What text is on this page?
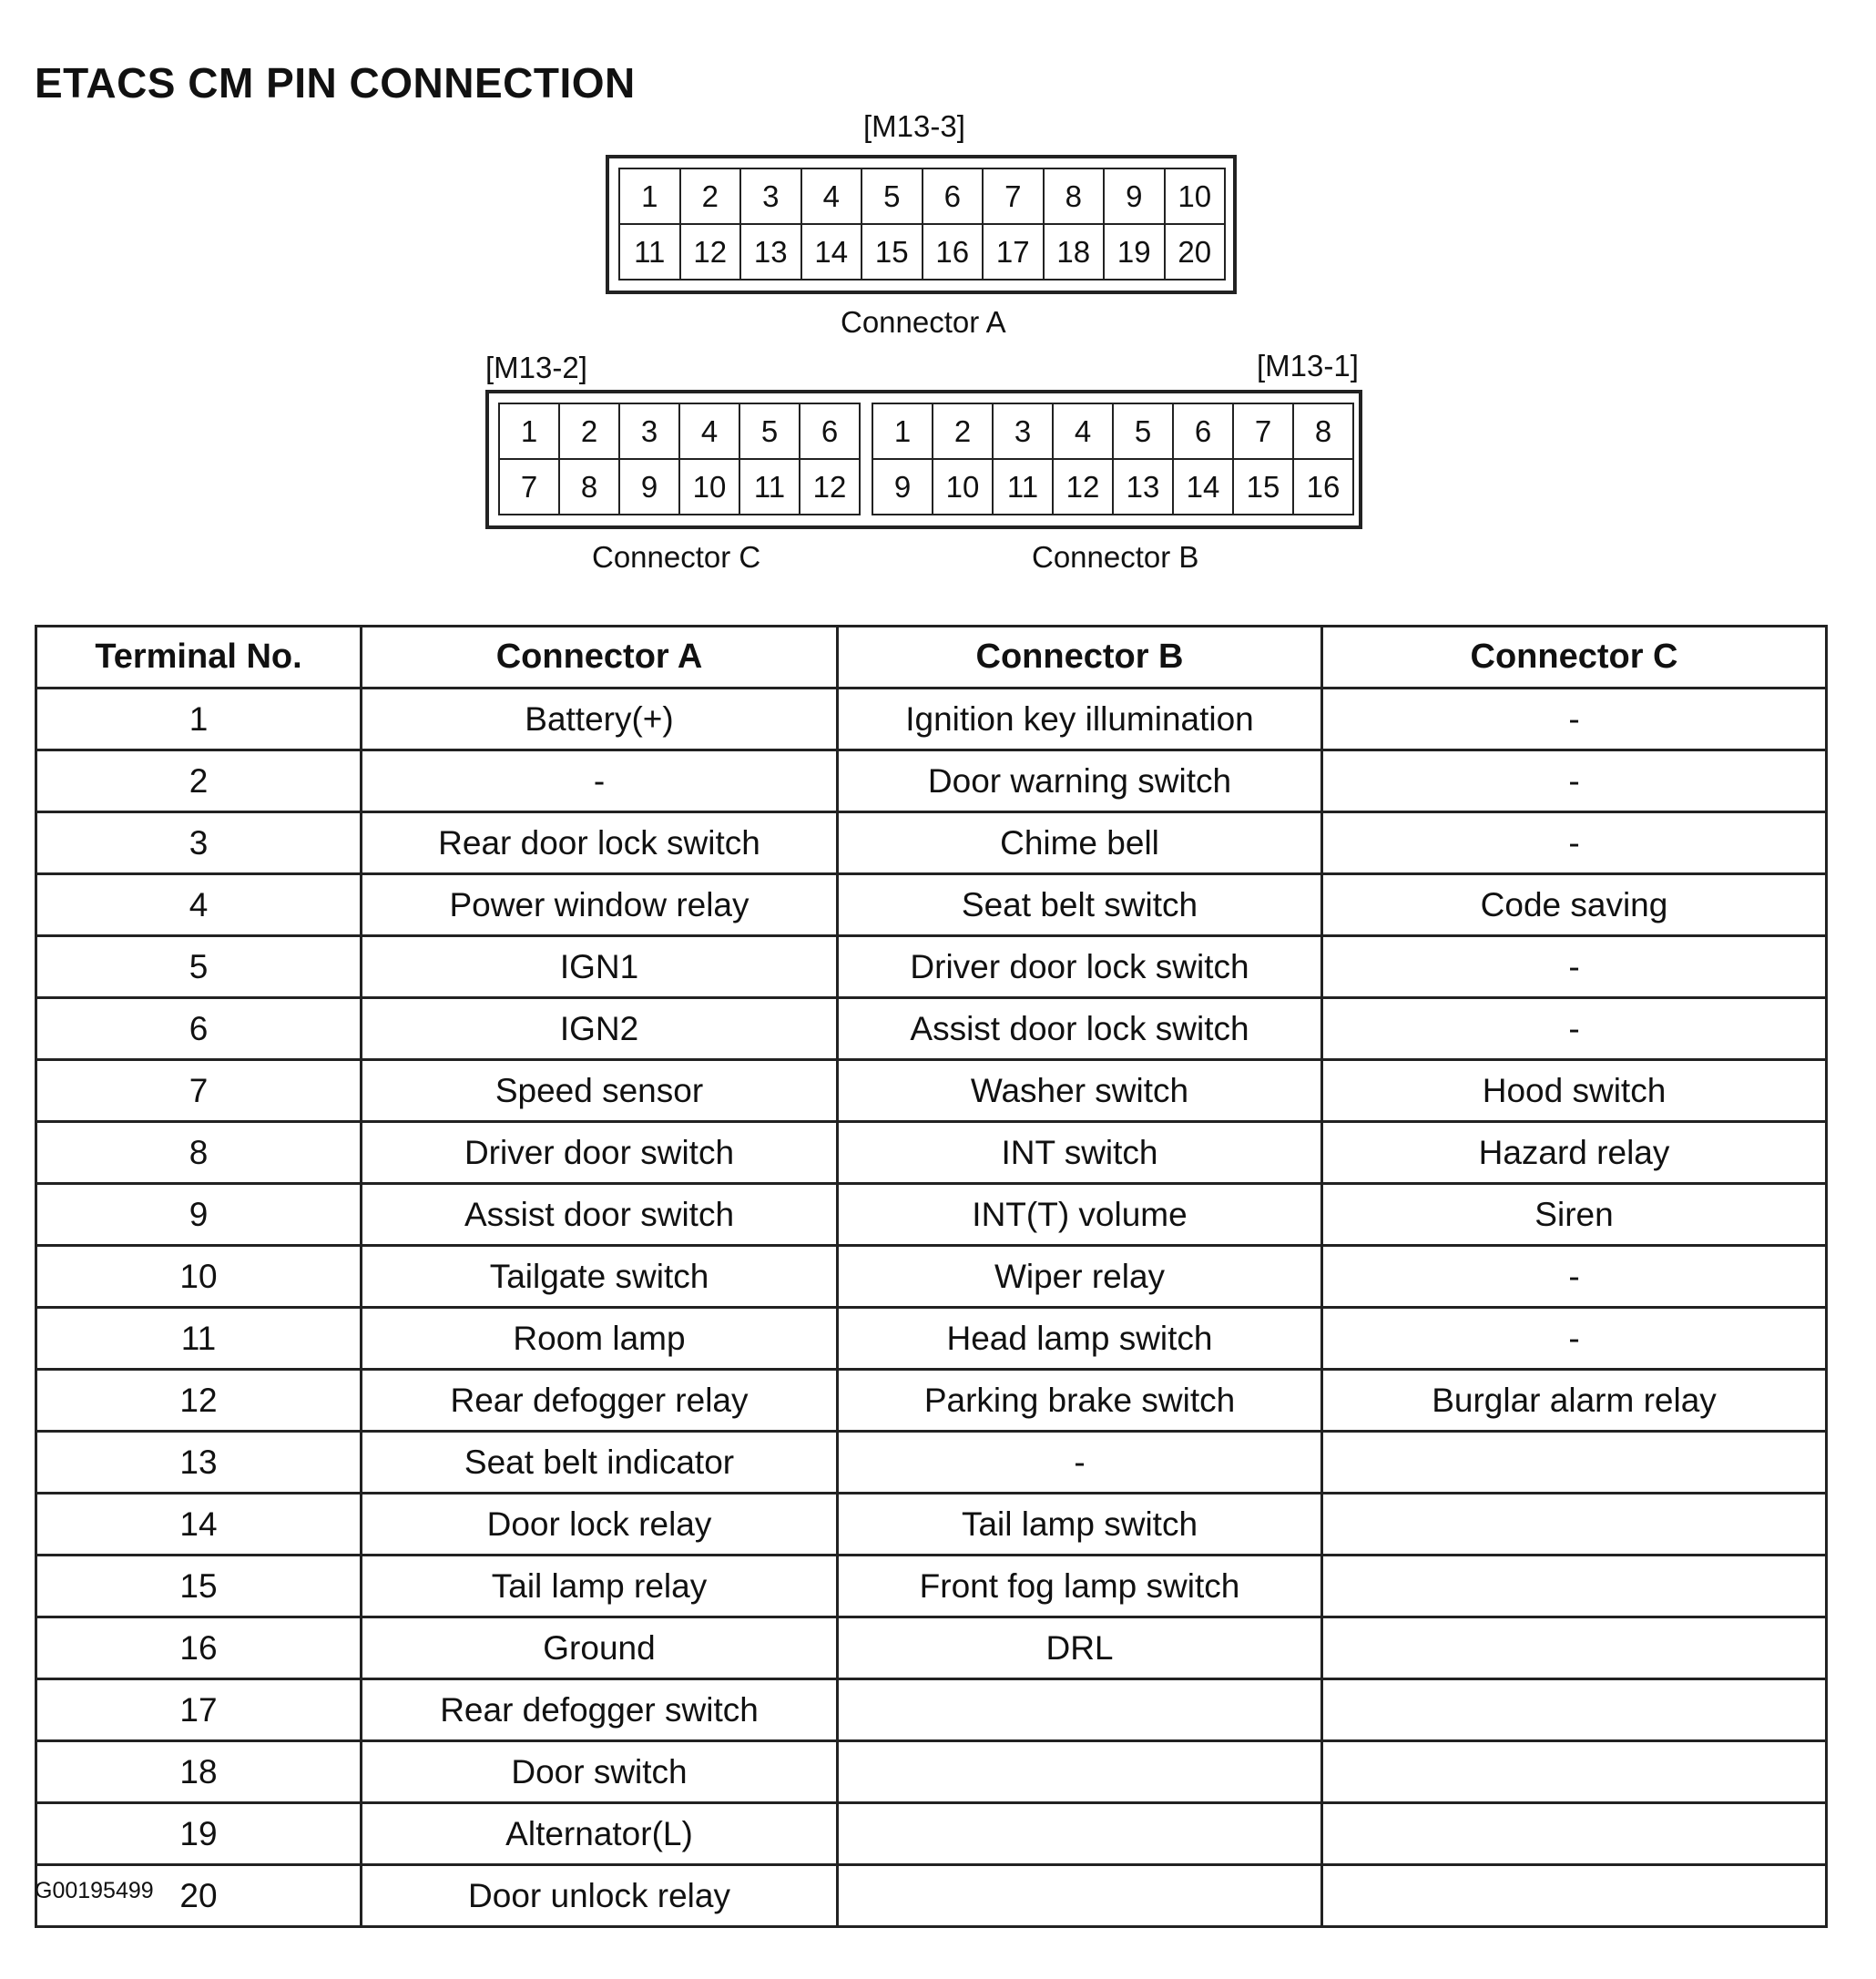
ETACS CM PIN CONNECTION
[M13-3]
1	2	3	4	5	6	7	8	9	10
11 12 13 14 15 16 17 18 19 20
Connector A
[M13-2]	[M13-1]
1	2	3	4	5	6
7	8	9	10 11 12
1	2	3	4	5	6	7	8
9	10 11 12 13 14 15 16
Connector C	Connector B
Terminal No.	Connector A	Connector B	Connector C
1	Battery(+)	Ignition key illumination	-
2	-	Door warning switch	-
3	Rear door lock switch	Chime bell	-
4	Power window relay	Seat belt switch	Code saving
5	IGN1	Driver door lock switch	-
6	IGN2	Assist door lock switch	-
7	Speed sensor	Washer switch	Hood switch
8	Driver door switch	INT switch	Hazard relay
9	Assist door switch	INT(T) volume	Siren
10	Tailgate switch	Wiper relay	-
11	Room lamp	Head lamp switch	-
12	Rear defogger relay	Parking brake switch	Burglar alarm relay
13	Seat belt indicator	-	
14	Door lock relay	Tail lamp switch	
15	Tail lamp relay	Front fog lamp switch	
16	Ground	DRL	
17	Rear defogger switch		
18	Door switch		
19	Alternator(L)		
20	Door unlock relay		
G00195499
